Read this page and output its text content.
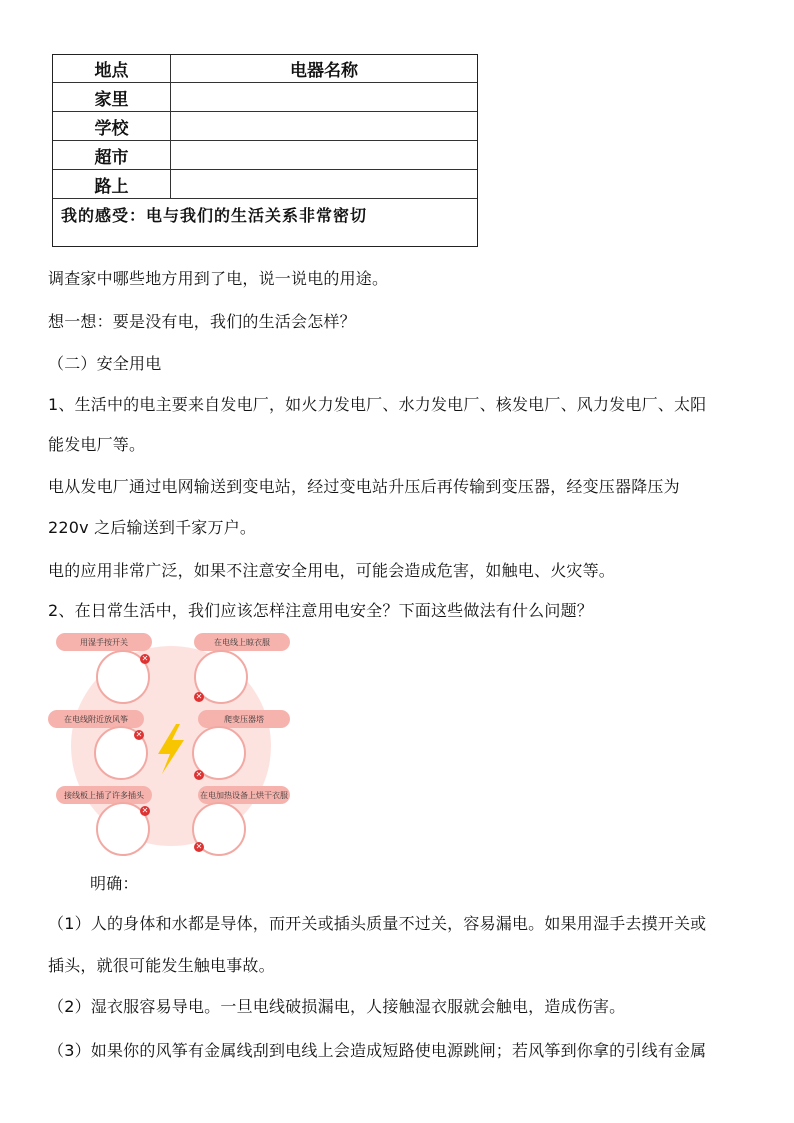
地点	电器名称
家里
学校
超市
路上
我的感受：电与我们的生活关系非常密切
调查家中哪些地方用到了电，说一说电的用途。
想一想：要是没有电，我们的生活会怎样？
（二）安全用电
1、生活中的电主要来自发电厂，如火力发电厂、水力发电厂、核发电厂、风力发电厂、太阳
能发电厂等。
电从发电厂通过电网输送到变电站，经过变电站升压后再传输到变压器，经变压器降压为
220v 之后输送到千家万户。
电的应用非常广泛，如果不注意安全用电，可能会造成危害，如触电、火灾等。
2、在日常生活中，我们应该怎样注意用电安全？下面这些做法有什么问题？
用湿手按开关
✕
在电线上晾衣服
✕
在电线附近放风筝
✕
爬变压器塔
✕
接线板上插了许多插头
✕
在电加热设备上烘干衣服
✕
明确：
（1）人的身体和水都是导体，而开关或插头质量不过关，容易漏电。如果用湿手去摸开关或
插头，就很可能发生触电事故。
（2）湿衣服容易导电。一旦电线破损漏电，人接触湿衣服就会触电，造成伤害。
（3）如果你的风筝有金属线刮到电线上会造成短路使电源跳闸；若风筝到你拿的引线有金属
